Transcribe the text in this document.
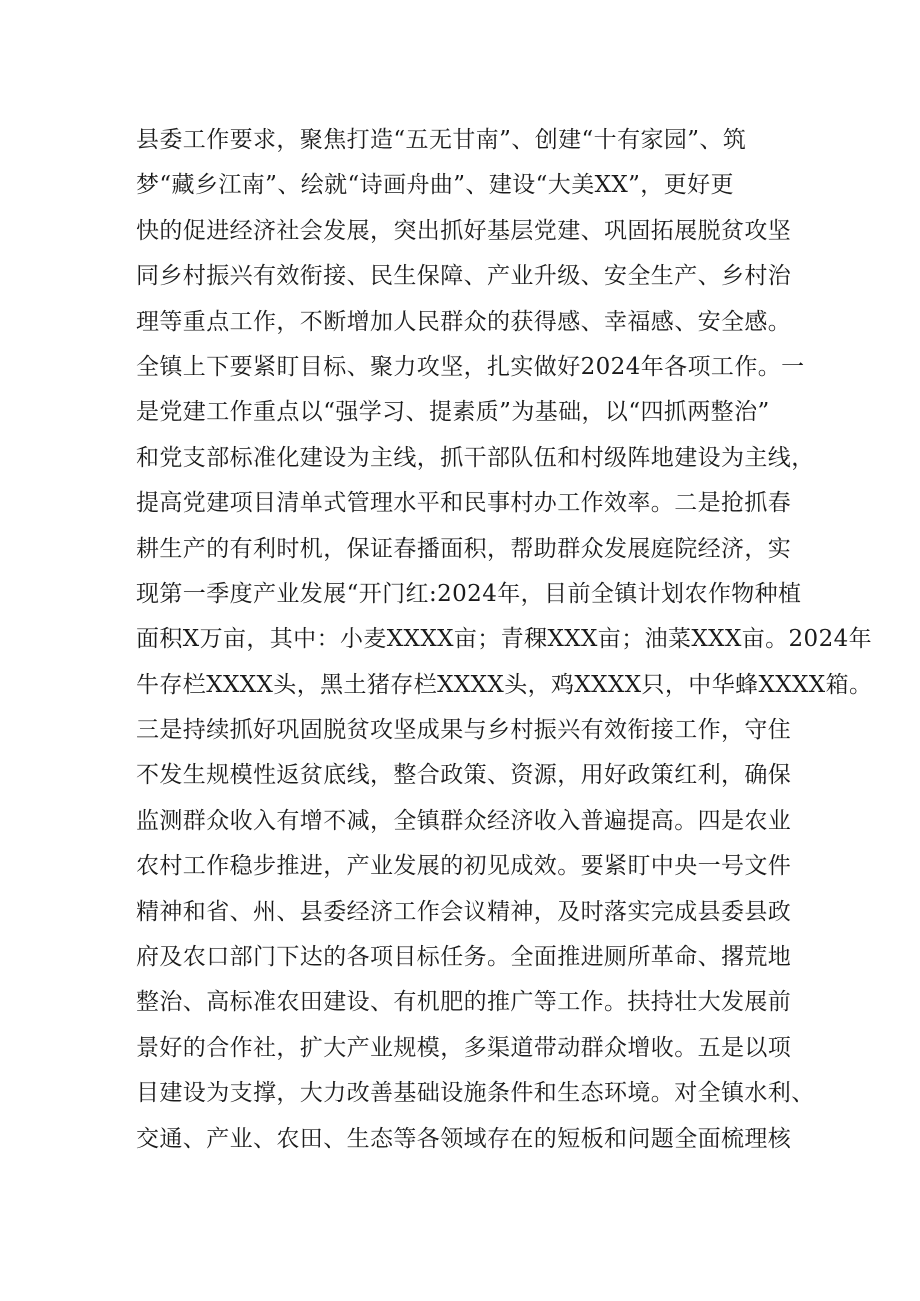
县委工作要求，聚焦打造“五无甘南”、创建“十有家园”、筑
梦“藏乡江南”、绘就“诗画舟曲”、建设“大美XX”，更好更
快的促进经济社会发展，突出抓好基层党建、巩固拓展脱贫攻坚
同乡村振兴有效衔接、民生保障、产业升级、安全生产、乡村治
理等重点工作，不断增加人民群众的获得感、幸福感、安全感。
全镇上下要紧盯目标、聚力攻坚，扎实做好2024年各项工作。一
是党建工作重点以“强学习、提素质”为基础，以“四抓两整治”
和党支部标准化建设为主线，抓干部队伍和村级阵地建设为主线，
提高党建项目清单式管理水平和民事村办工作效率。二是抢抓春
耕生产的有利时机，保证春播面积，帮助群众发展庭院经济，实
现第一季度产业发展“开门红:2024年，目前全镇计划农作物种植
面积X万亩，其中：小麦XXXX亩；青稞XXX亩；油菜XXX亩。2024年
牛存栏XXXX头，黑土猪存栏XXXX头，鸡XXXX只，中华蜂XXXX箱。
三是持续抓好巩固脱贫攻坚成果与乡村振兴有效衔接工作，守住
不发生规模性返贫底线，整合政策、资源，用好政策红利，确保
监测群众收入有增不减，全镇群众经济收入普遍提高。四是农业
农村工作稳步推进，产业发展的初见成效。要紧盯中央一号文件
精神和省、州、县委经济工作会议精神，及时落实完成县委县政
府及农口部门下达的各项目标任务。全面推进厕所革命、撂荒地
整治、高标准农田建设、有机肥的推广等工作。扶持壮大发展前
景好的合作社，扩大产业规模，多渠道带动群众增收。五是以项
目建设为支撑，大力改善基础设施条件和生态环境。对全镇水利、
交通、产业、农田、生态等各领域存在的短板和问题全面梳理核
